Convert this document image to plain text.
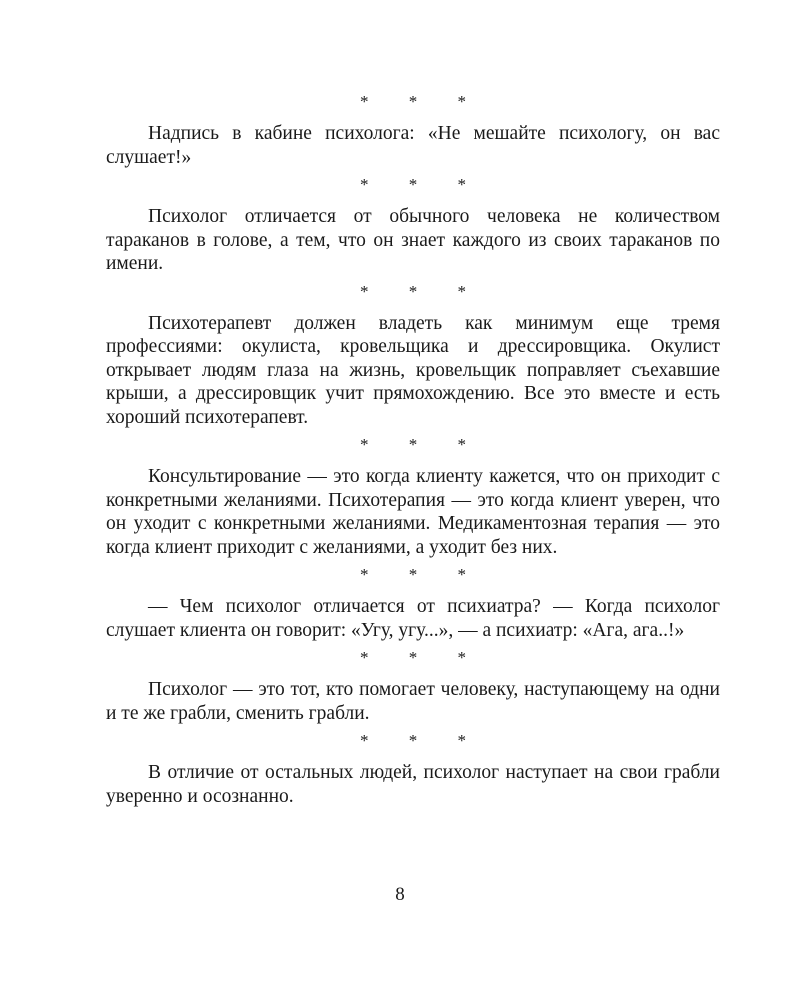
* * *

Надпись в кабине психолога: «Не мешайте психологу, он вас слушает!»

* * *

Психолог отличается от обычного человека не количеством тараканов в голове, а тем, что он знает каждого из своих тараканов по имени.

* * *

Психотерапевт должен владеть как минимум еще тремя профессиями: окулиста, кровельщика и дрессировщика. Окулист открывает людям глаза на жизнь, кровельщик поправляет съехавшие крыши, а дрессировщик учит прямохождению. Все это вместе и есть хороший психотерапевт.

* * *

Консультирование — это когда клиенту кажется, что он приходит с конкретными желаниями. Психотерапия — это когда клиент уверен, что он уходит с конкретными желаниями. Медикаментозная терапия — это когда клиент приходит с желаниями, а уходит без них.

* * *

— Чем психолог отличается от психиатра? — Когда психолог слушает клиента он говорит: «Угу, угу...», — а психиатр: «Ага, ага..!»

* * *

Психолог — это тот, кто помогает человеку, наступающему на одни и те же грабли, сменить грабли.

* * *

В отличие от остальных людей, психолог наступает на свои грабли уверенно и осознанно.

8
